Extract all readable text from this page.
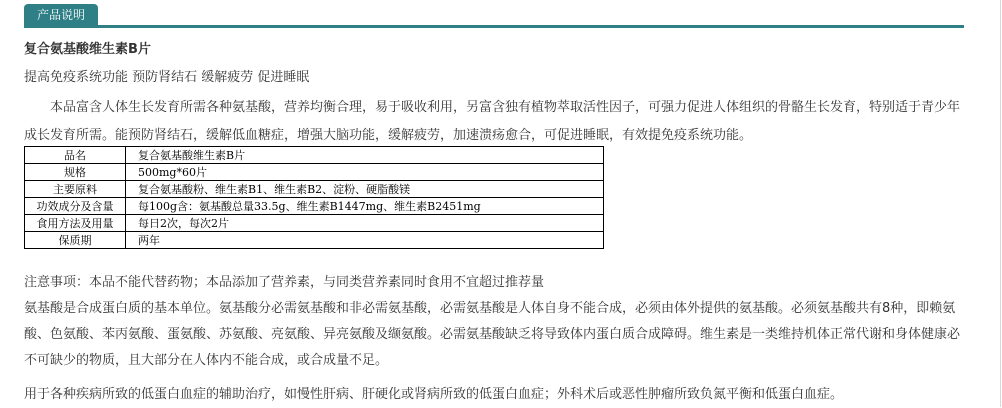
产品说明
复合氨基酸维生素B片
提高免疫系统功能 预防肾结石 缓解疲劳 促进睡眠

本品富含人体生长发育所需各种氨基酸，营养均衡合理，易于吸收利用，另富含独有植物萃取活性因子，可强力促进人体组织的骨骼生长发育，特别适于青少年成长发育所需。能预防肾结石，缓解低血糖症，增强大脑功能，缓解疲劳，加速溃疡愈合，可促进睡眠，有效提免疫系统功能。

品名	复合氨基酸维生素B片
规格	500mg*60片
主要原料	复合氨基酸粉、维生素B1、维生素B2、淀粉、硬脂酸镁
功效成分及含量	每100g含：氨基酸总量33.5g、维生素B1447mg、维生素B2451mg
食用方法及用量	每日2次，每次2片
保质期	两年

注意事项：本品不能代替药物；本品添加了营养素，与同类营养素同时食用不宜超过推荐量

氨基酸是合成蛋白质的基本单位。氨基酸分必需氨基酸和非必需氨基酸，必需氨基酸是人体自身不能合成，必须由体外提供的氨基酸。必须氨基酸共有8种，即赖氨酸、色氨酸、苯丙氨酸、蛋氨酸、苏氨酸、亮氨酸、异亮氨酸及缬氨酸。必需氨基酸缺乏将导致体内蛋白质合成障碍。维生素是一类维持机体正常代谢和身体健康必不可缺少的物质，且大部分在人体内不能合成，或合成量不足。

用于各种疾病所致的低蛋白血症的辅助治疗，如慢性肝病、肝硬化或肾病所致的低蛋白血症；外科术后或恶性肿瘤所致负氮平衡和低蛋白血症。
